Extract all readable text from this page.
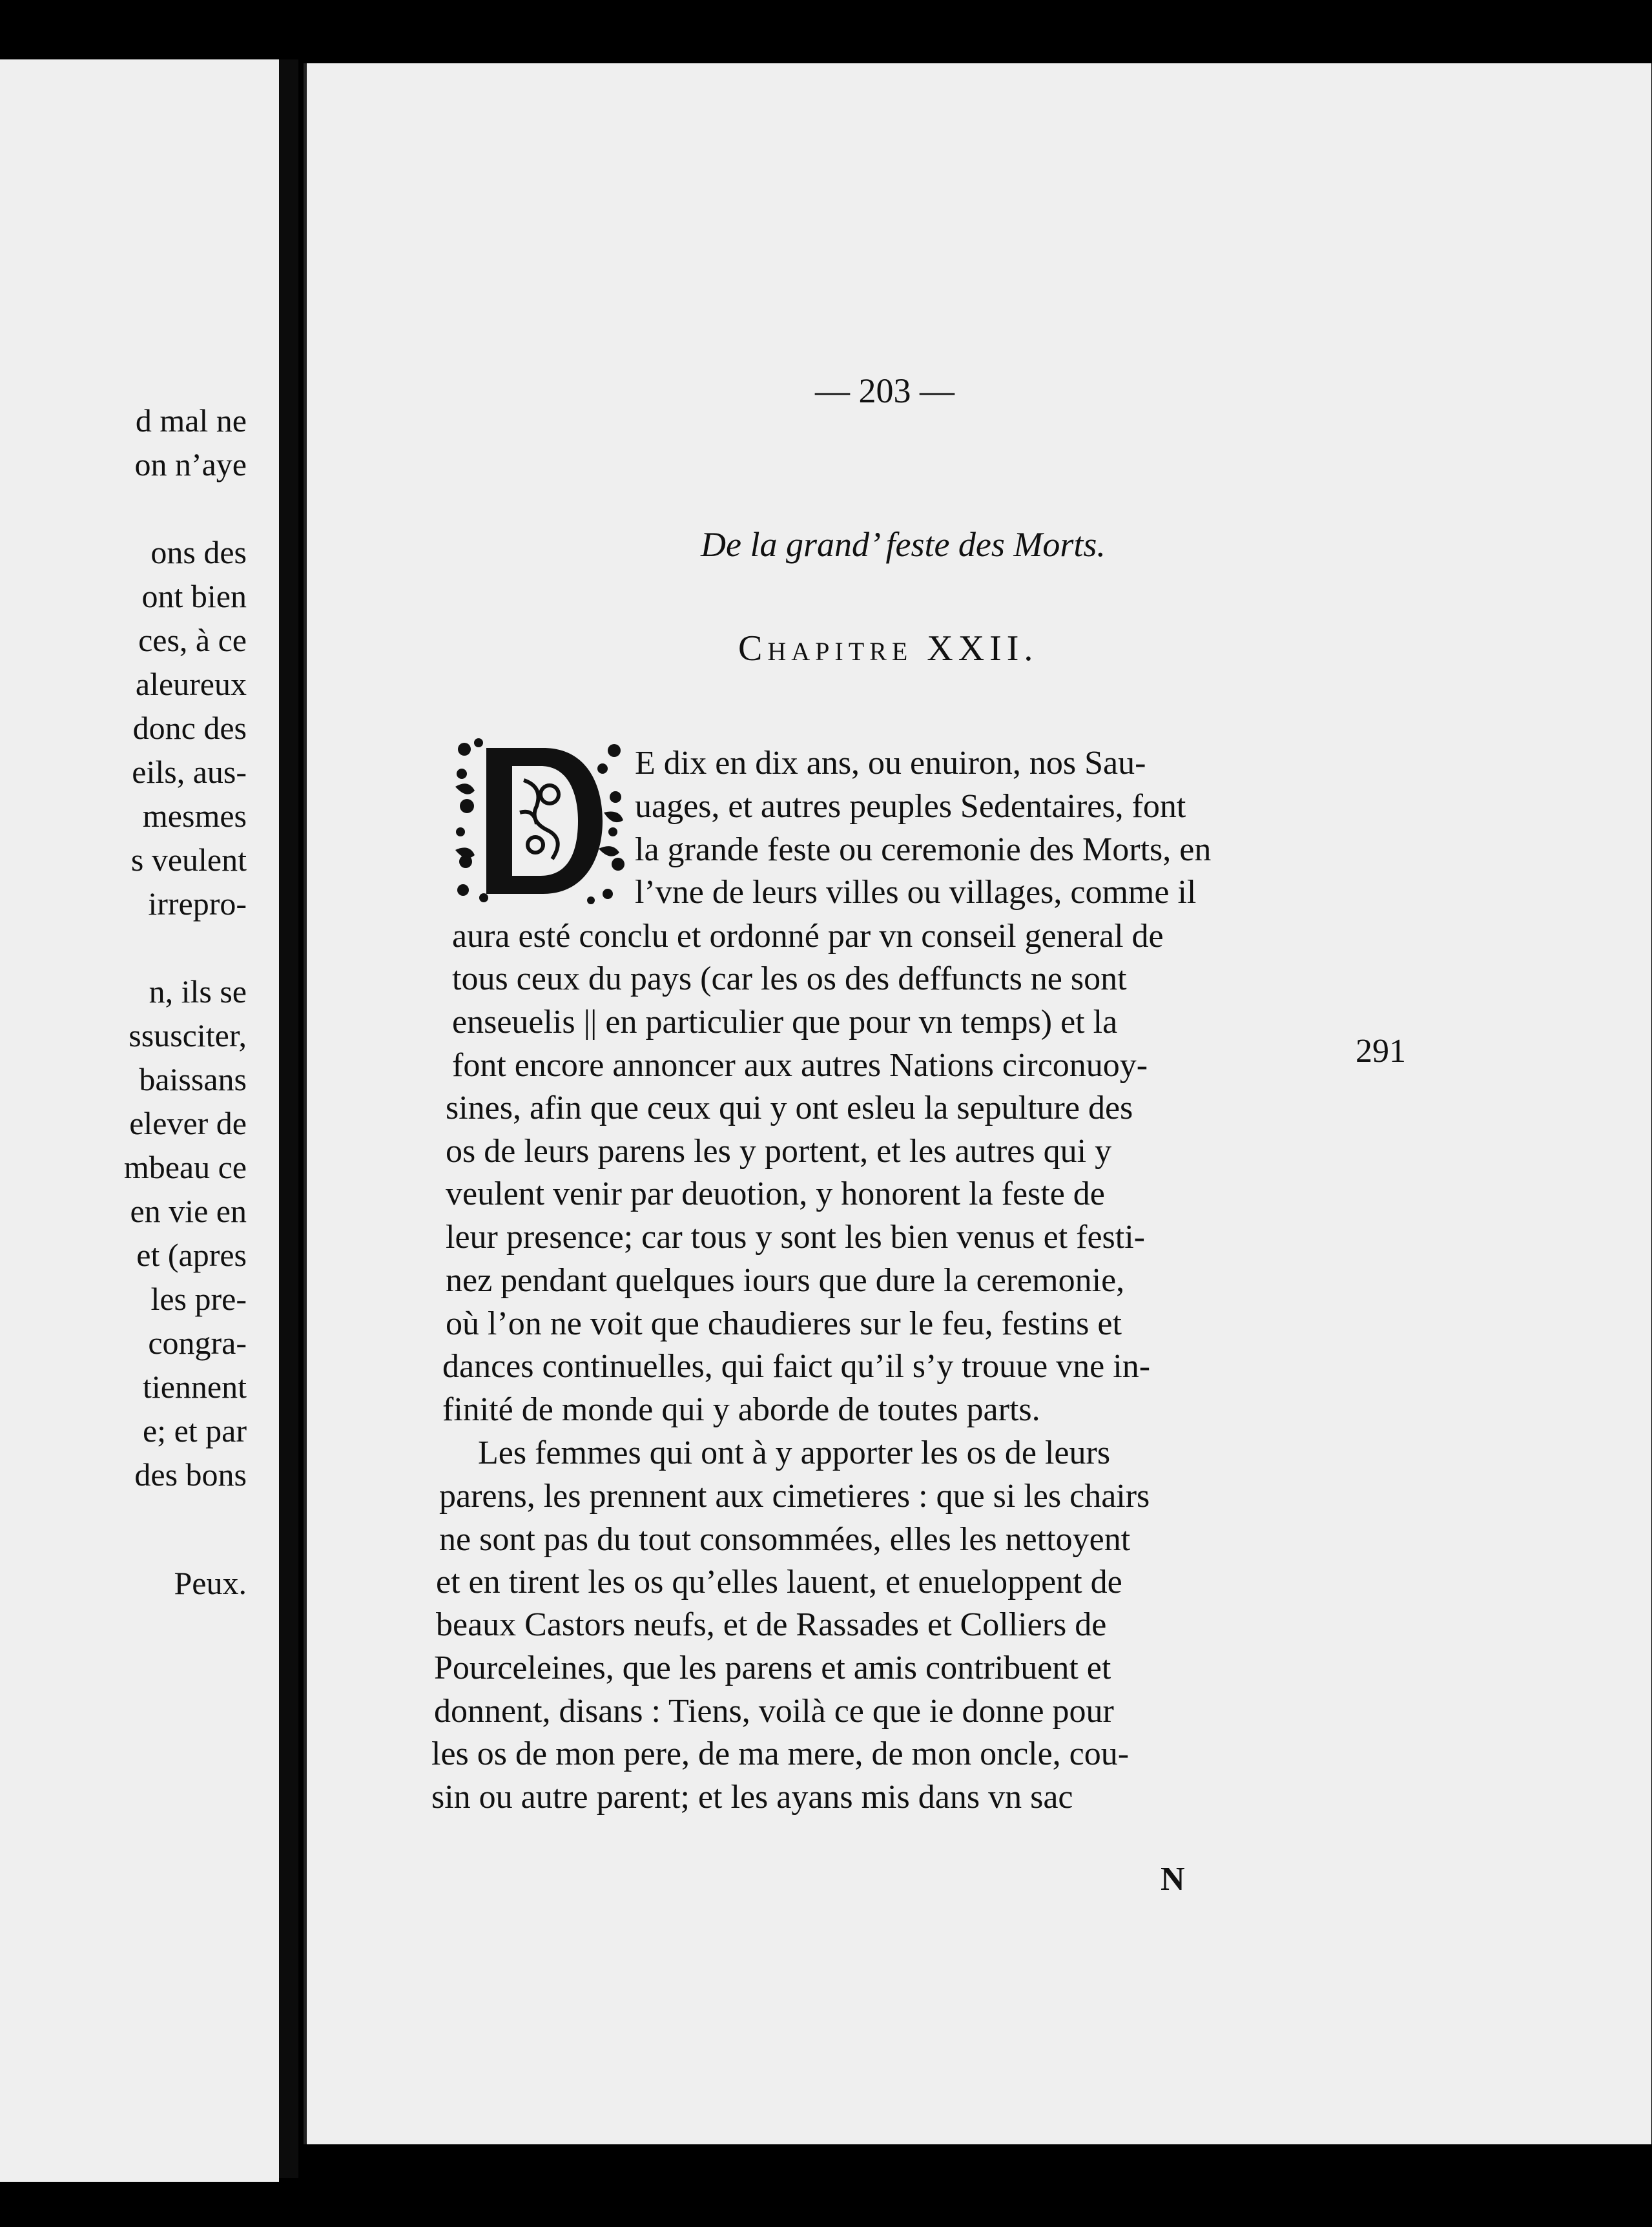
d mal ne
on n’aye
ons des
ont bien
ces, à ce
aleureux
donc des
eils, aus-
mesmes
s veulent
irrepro-
n, ils se
ssusciter,
baissans
elever de
mbeau ce
en vie en
et (apres
les pre-
congra-
tiennent
e; et par
des bons
Peux.
— 203 —
De la grand’ feste des Morts.
CHAPITRE XXII.
E dix en dix ans, ou enuiron, nos Sau-
uages, et autres peuples Sedentaires, font
la grande feste ou ceremonie des Morts, en
l’vne de leurs villes ou villages, comme il
aura esté conclu et ordonné par vn conseil general de
tous ceux du pays (car les os des deffuncts ne sont
enseuelis || en particulier que pour vn temps) et la
font encore annoncer aux autres Nations circonuoy-
sines, afin que ceux qui y ont esleu la sepulture des
os de leurs parens les y portent, et les autres qui y
veulent venir par deuotion, y honorent la feste de
leur presence; car tous y sont les bien venus et festi-
nez pendant quelques iours que dure la ceremonie,
où l’on ne voit que chaudieres sur le feu, festins et
dances continuelles, qui faict qu’il s’y trouue vne in-
finité de monde qui y aborde de toutes parts.
Les femmes qui ont à y apporter les os de leurs
parens, les prennent aux cimetieres : que si les chairs
ne sont pas du tout consommées, elles les nettoyent
et en tirent les os qu’elles lauent, et enueloppent de
beaux Castors neufs, et de Rassades et Colliers de
Pourceleines, que les parens et amis contribuent et
donnent, disans : Tiens, voilà ce que ie donne pour
les os de mon pere, de ma mere, de mon oncle, cou-
sin ou autre parent; et les ayans mis dans vn sac
291
N
